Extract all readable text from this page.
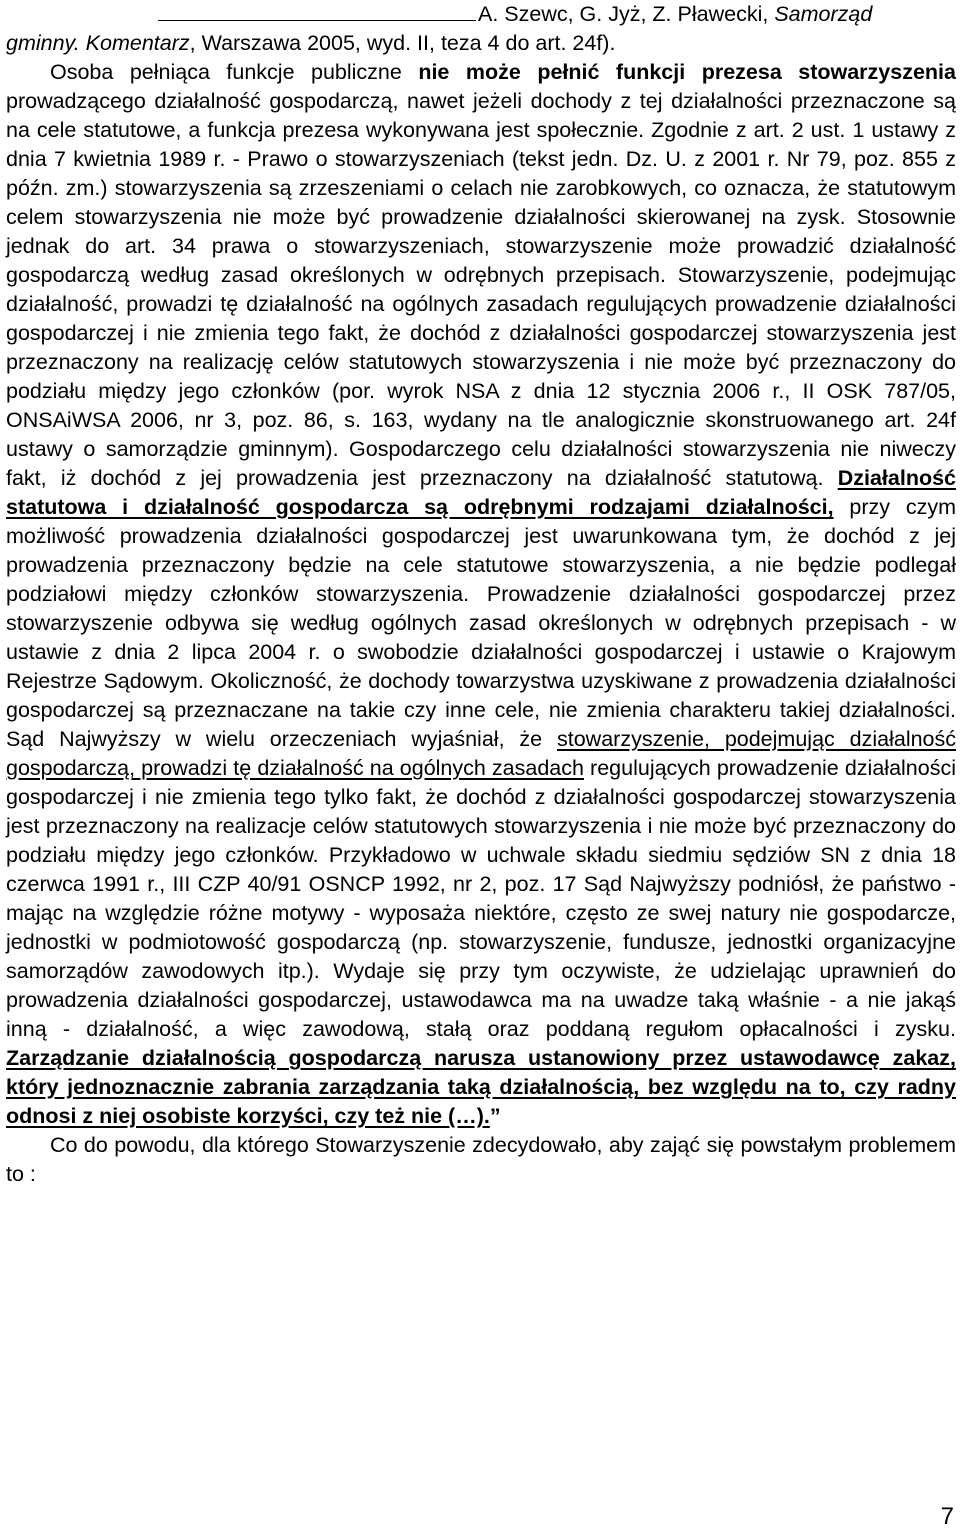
A. Szewc, G. Jyż, Z. Pławecki, Samorząd

gminny. Komentarz, Warszawa 2005, wyd. II, teza 4 do art. 24f).

Osoba pełniąca funkcje publiczne nie może pełnić funkcji prezesa stowarzyszenia prowadzącego działalność gospodarczą, nawet jeżeli dochody z tej działalności przeznaczone są na cele statutowe, a funkcja prezesa wykonywana jest społecznie. Zgodnie z art. 2 ust. 1 ustawy z dnia 7 kwietnia 1989 r. - Prawo o stowarzyszeniach (tekst jedn. Dz. U. z 2001 r. Nr 79, poz. 855 z późn. zm.) stowarzyszenia są zrzeszeniami o celach nie zarobkowych, co oznacza, że statutowym celem stowarzyszenia nie może być prowadzenie działalności skierowanej na zysk. Stosownie jednak do art. 34 prawa o stowarzyszeniach, stowarzyszenie może prowadzić działalność gospodarczą według zasad określonych w odrębnych przepisach. Stowarzyszenie, podejmując działalność, prowadzi tę działalność na ogólnych zasadach regulujących prowadzenie działalności gospodarczej i nie zmienia tego fakt, że dochód z działalności gospodarczej stowarzyszenia jest przeznaczony na realizację celów statutowych stowarzyszenia i nie może być przeznaczony do podziału między jego członków (por. wyrok NSA z dnia 12 stycznia 2006 r., II OSK 787/05, ONSAiWSA 2006, nr 3, poz. 86, s. 163, wydany na tle analogicznie skonstruowanego art. 24f ustawy o samorządzie gminnym). Gospodarczego celu działalności stowarzyszenia nie niweczy fakt, iż dochód z jej prowadzenia jest przeznaczony na działalność statutową. Działalność statutowa i działalność gospodarcza są odrębnymi rodzajami działalności, przy czym możliwość prowadzenia działalności gospodarczej jest uwarunkowana tym, że dochód z jej prowadzenia przeznaczony będzie na cele statutowe stowarzyszenia, a nie będzie podlegał podziałowi między członków stowarzyszenia. Prowadzenie działalności gospodarczej przez stowarzyszenie odbywa się według ogólnych zasad określonych w odrębnych przepisach - w ustawie z dnia 2 lipca 2004 r. o swobodzie działalności gospodarczej i ustawie o Krajowym Rejestrze Sądowym. Okoliczność, że dochody towarzystwa uzyskiwane z prowadzenia działalności gospodarczej są przeznaczane na takie czy inne cele, nie zmienia charakteru takiej działalności. Sąd Najwyższy w wielu orzeczeniach wyjaśniał, że stowarzyszenie, podejmując działalność gospodarczą, prowadzi tę działalność na ogólnych zasadach regulujących prowadzenie działalności gospodarczej i nie zmienia tego tylko fakt, że dochód z działalności gospodarczej stowarzyszenia jest przeznaczony na realizacje celów statutowych stowarzyszenia i nie może być przeznaczony do podziału między jego członków. Przykładowo w uchwale składu siedmiu sędziów SN z dnia 18 czerwca 1991 r., III CZP 40/91 OSNCP 1992, nr 2, poz. 17 Sąd Najwyższy podniósł, że państwo - mając na względzie różne motywy - wyposaża niektóre, często ze swej natury nie gospodarcze, jednostki w podmiotowość gospodarczą (np. stowarzyszenie, fundusze, jednostki organizacyjne samorządów zawodowych itp.). Wydaje się przy tym oczywiste, że udzielając uprawnień do prowadzenia działalności gospodarczej, ustawodawca ma na uwadze taką właśnie - a nie jakąś inną - działalność, a więc zawodową, stałą oraz poddaną regułom opłacalności i zysku. Zarządzanie działalnością gospodarczą narusza ustanowiony przez ustawodawcę zakaz, który jednoznacznie zabrania zarządzania taką działalnością, bez względu na to, czy radny odnosi z niej osobiste korzyści, czy też nie (…).”

Co do powodu, dla którego Stowarzyszenie zdecydowało, aby zająć się powstałym problemem to :

7
